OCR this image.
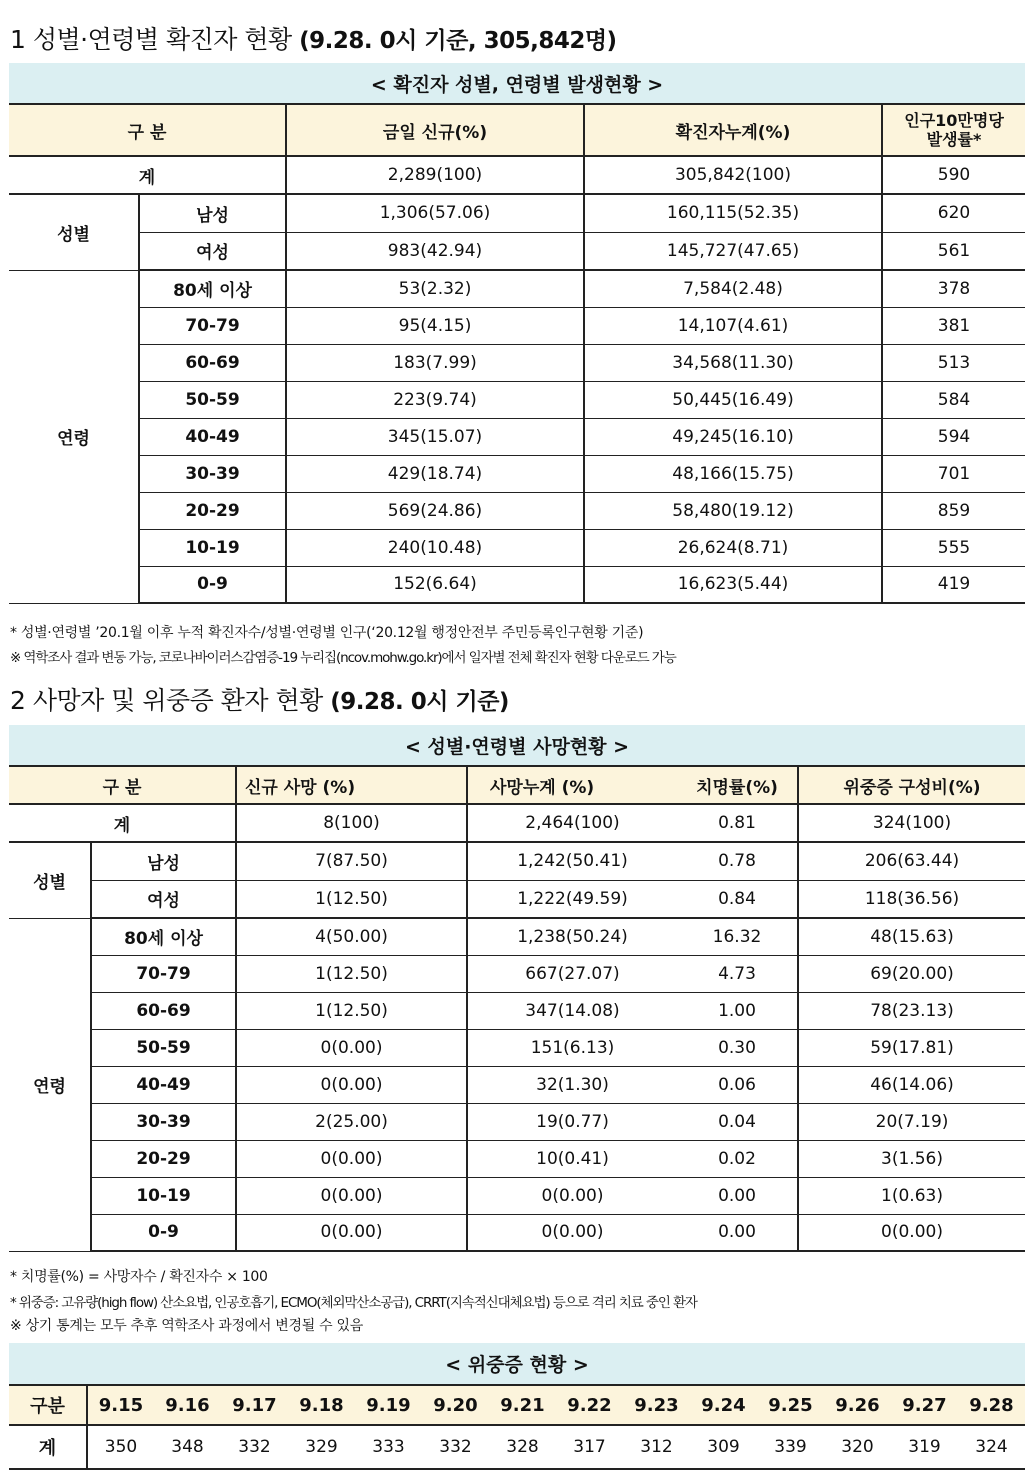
1 성별·연령별 확진자 현황 (9.28. 0시 기준, 305,842명)
< 확진자 성별, 연령별 발생현황 >				
구 분		금일 신규(%)	확진자누계(%)	인구10만명당
발생률*

계		2,289(100)	305,842(100)	590
성별	남성	1,306(57.06)	160,115(52.35)	620
	여성	983(42.94)	145,727(47.65)	561
연령	80세 이상	53(2.32)	7,584(2.48)	378
	70-79	95(4.15)	14,107(4.61)	381
	60-69	183(7.99)	34,568(11.30)	513
	50-59	223(9.74)	50,445(16.49)	584
	40-49	345(15.07)	49,245(16.10)	594
	30-39	429(18.74)	48,166(15.75)	701
	20-29	569(24.86)	58,480(19.12)	859
	10-19	240(10.48)	26,624(8.71)	555
	0-9	152(6.64)	16,623(5.44)	419
* 성별·연령별 ’20.1월 이후 누적 확진자수/성별·연령별 인구(‘20.12월 행정안전부 주민등록인구현황 기준)
※ 역학조사 결과 변동 가능, 코로나바이러스감염증-19 누리집(ncov.mohw.go.kr)에서 일자별 전체 확진자 현황 다운로드 가능
2 사망자 및 위중증 환자 현황 (9.28. 0시 기준)
< 성별·연령별 사망현황 >					
구 분		신규 사망 (%)	사망누계 (%)	치명률(%)	위중증 구성비(%)
계		8(100)	2,464(100)	0.81	324(100)
성별	남성	7(87.50)	1,242(50.41)	0.78	206(63.44)
	여성	1(12.50)	1,222(49.59)	0.84	118(36.56)
연령	80세 이상	4(50.00)	1,238(50.24)	16.32	48(15.63)
	70-79	1(12.50)	667(27.07)	4.73	69(20.00)
	60-69	1(12.50)	347(14.08)	1.00	78(23.13)
	50-59	0(0.00)	151(6.13)	0.30	59(17.81)
	40-49	0(0.00)	32(1.30)	0.06	46(14.06)
	30-39	2(25.00)	19(0.77)	0.04	20(7.19)
	20-29	0(0.00)	10(0.41)	0.02	3(1.56)
	10-19	0(0.00)	0(0.00)	0.00	1(0.63)
	0-9	0(0.00)	0(0.00)	0.00	0(0.00)
* 치명률(%) = 사망자수 / 확진자수 × 100
* 위중증: 고유량(high flow) 산소요법, 인공호흡기, ECMO(체외막산소공급), CRRT(지속적신대체요법) 등으로 격리 치료 중인 환자
※ 상기 통계는 모두 추후 역학조사 과정에서 변경될 수 있음
< 위중증 현황 >														
구분	9.15	9.16	9.17	9.18	9.19	9.20	9.21	9.22	9.23	9.24	9.25	9.26	9.27	9.28
계	350	348	332	329	333	332	328	317	312	309	339	320	319	324
